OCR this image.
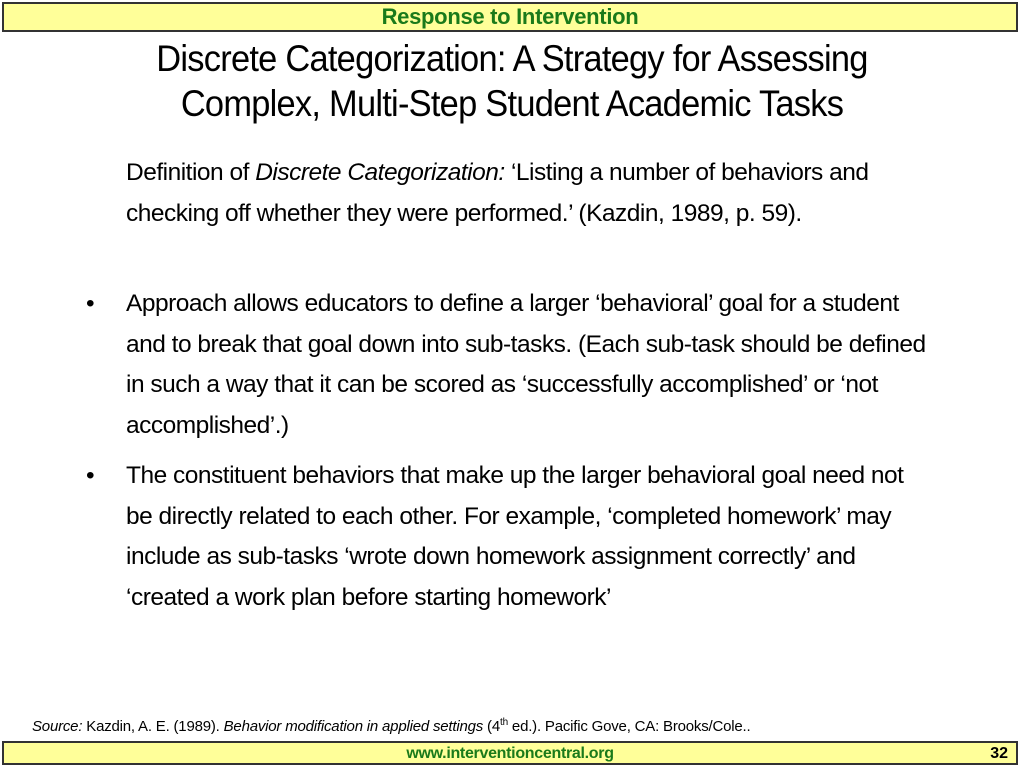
Response to Intervention
Discrete Categorization: A Strategy for Assessing
Complex, Multi-Step Student Academic Tasks
Definition of Discrete Categorization: ‘Listing a number of behaviors and checking off whether they were performed.’ (Kazdin, 1989, p. 59).
• Approach allows educators to define a larger ‘behavioral’ goal for a student and to break that goal down into sub-tasks. (Each sub-task should be defined in such a way that it can be scored as ‘successfully accomplished’ or ‘not accomplished’.)
• The constituent behaviors that make up the larger behavioral goal need not be directly related to each other. For example, ‘completed homework’ may include as sub-tasks ‘wrote down homework assignment correctly’ and ‘created a work plan before starting homework’
Source: Kazdin, A. E. (1989). Behavior modification in applied settings (4th ed.). Pacific Gove, CA: Brooks/Cole..
www.interventioncentral.org	32
